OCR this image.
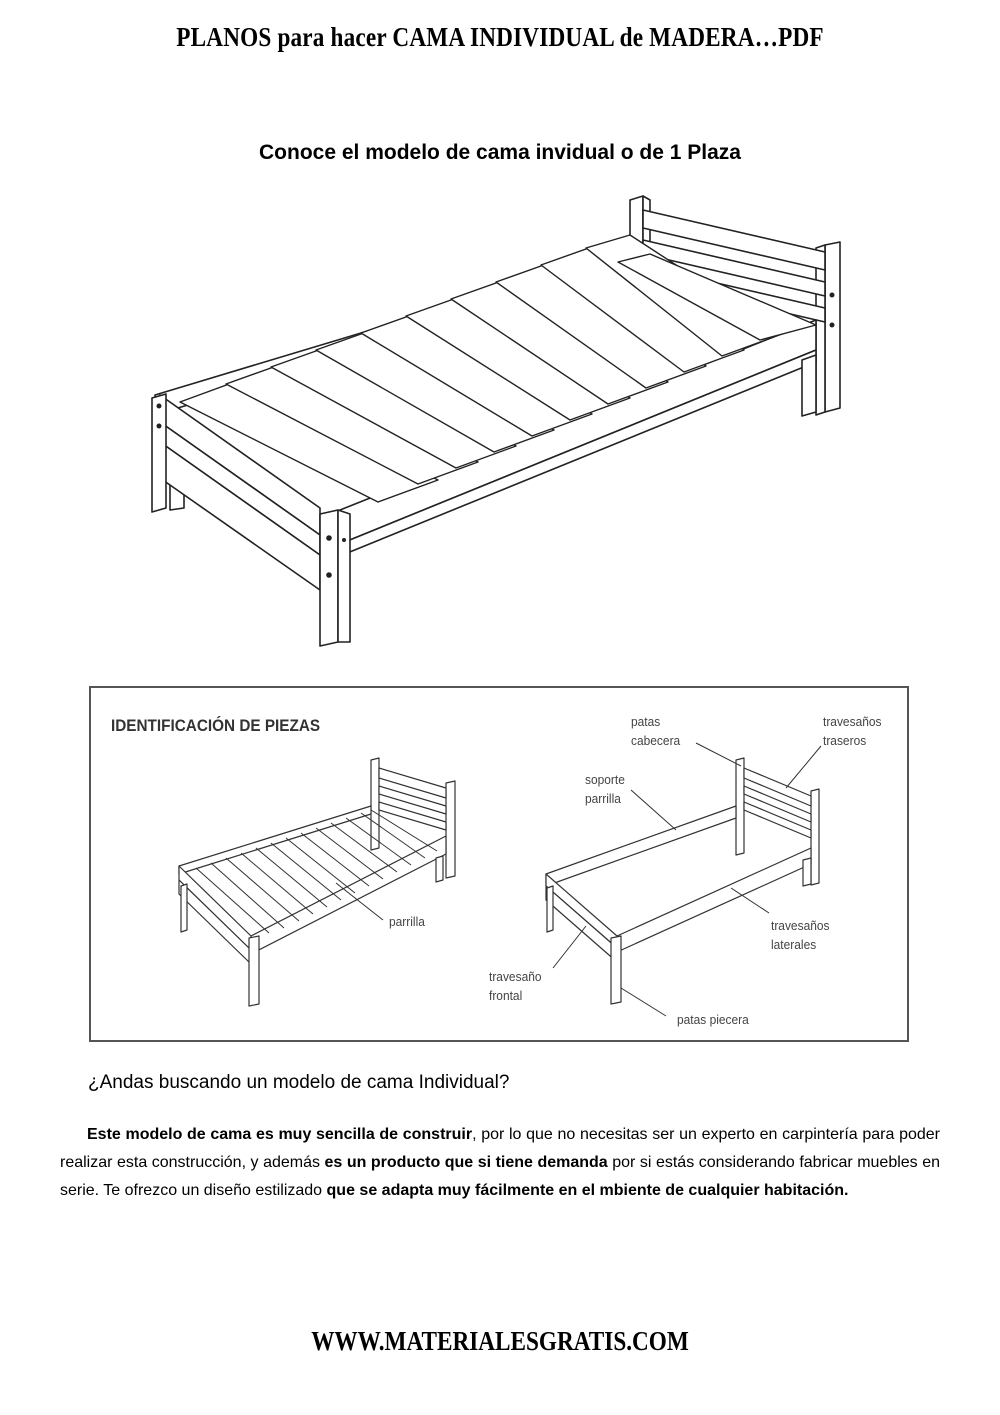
PLANOS para hacer CAMA INDIVIDUAL de MADERA…PDF
Conoce el modelo de cama invidual o de 1 Plaza
IDENTIFICACIÓN DE PIEZAS
parrilla
patas
cabecera
travesaños
traseros
soporte
parrilla
travesaños
laterales
travesaño
frontal
patas piecera
¿Andas buscando un modelo de cama Individual?
Este modelo de cama es muy sencilla de construir, por lo que no necesitas ser un experto en carpintería para poder realizar esta construcción, y además es un producto que si tiene demanda por si estás considerando fabricar muebles en serie. Te ofrezco un diseño estilizado que se adapta muy fácilmente en el mbiente de cualquier habitación.
WWW.MATERIALESGRATIS.COM
